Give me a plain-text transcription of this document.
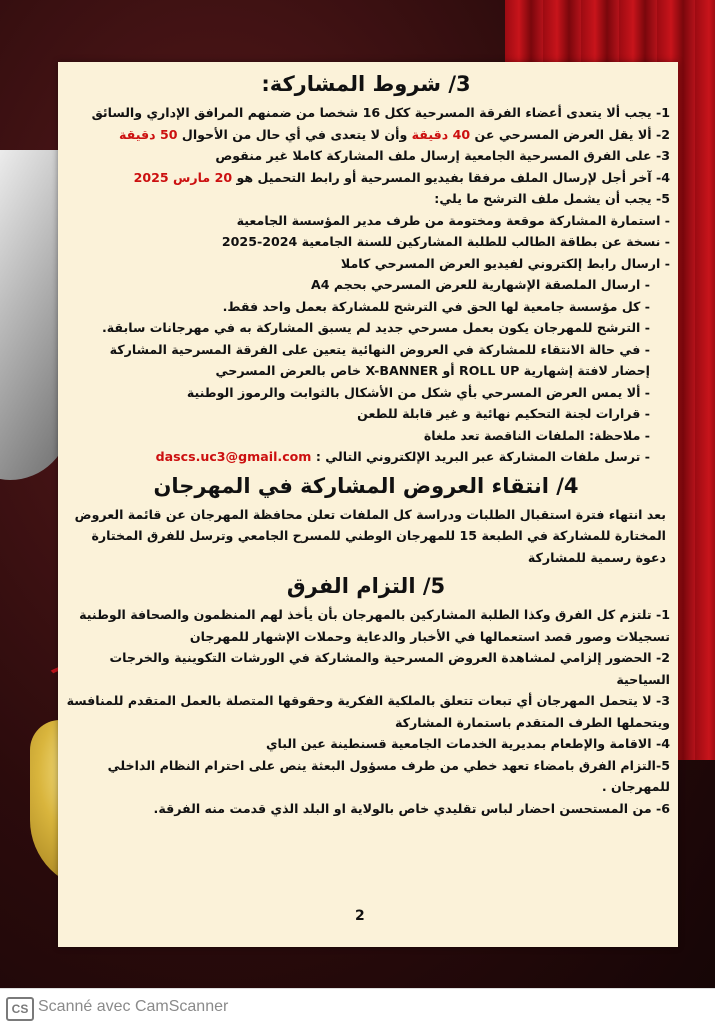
3/ شروط المشاركة:

1- يجب ألا يتعدى أعضاء الفرقة المسرحية ككل 16 شخصا من ضمنهم المرافق الإداري والسائق

2- ألا يقل العرض المسرحي عن 40 دقيقة وأن لا يتعدى في أي حال من الأحوال 50 دقيقة

3- على الفرق المسرحية الجامعية إرسال ملف المشاركة كاملا غير منقوص

4- آخر أجل لإرسال الملف مرفقا بفيديو المسرحية أو رابط التحميل هو 20 مارس 2025

5- يجب أن يشمل ملف الترشح ما يلي:

- استمارة المشاركة موقعة ومختومة من طرف مدير المؤسسة الجامعية

- نسخة عن بطاقة الطالب للطلبة المشاركين للسنة الجامعية 2024-2025

- ارسال رابط إلكتروني لفيديو العرض المسرحي كاملا

- ارسال الملصقة الإشهارية للعرض المسرحي بحجم A4

- كل مؤسسة جامعية لها الحق في الترشح للمشاركة بعمل واحد فقط.

- الترشح للمهرجان يكون بعمل مسرحي جديد لم يسبق المشاركة به في مهرجانات سابقة.

- في حالة الانتقاء للمشاركة في العروض النهائية يتعين على الفرقة المسرحية المشاركة

إحضار لافتة إشهارية ROLL UP أو X-BANNER خاص بالعرض المسرحي

- ألا يمس العرض المسرحي بأي شكل من الأشكال بالثوابت والرموز الوطنية

- قرارات لجنة التحكيم نهائية و غير قابلة للطعن

- ملاحظة: الملفات الناقصة تعد ملغاة

- ترسل ملفات المشاركة عبر البريد الإلكتروني التالي : dascs.uc3@gmail.com

4/ انتقاء العروض المشاركة في المهرجان

بعد انتهاء فترة استقبال الطلبات ودراسة كل الملفات تعلن محافظة المهرجان عن قائمة العروض المختارة للمشاركة في الطبعة 15 للمهرجان الوطني للمسرح الجامعي وترسل للفرق المختارة دعوة رسمية للمشاركة

5/ التزام الفرق

1- تلتزم كل الفرق وكذا الطلبة المشاركين بالمهرجان بأن يأخذ لهم المنظمون والصحافة الوطنية تسجيلات وصور قصد استعمالها في الأخبار والدعاية وحملات الإشهار للمهرجان

2- الحضور إلزامي لمشاهدة العروض المسرحية والمشاركة في الورشات التكوينية والخرجات السياحية

3- لا يتحمل المهرجان أي تبعات تتعلق بالملكية الفكرية وحقوقها المتصلة بالعمل المتقدم للمنافسة ويتحملها الطرف المتقدم باستمارة المشاركة

4- الاقامة والإطعام بمديرية الخدمات الجامعية قسنطينة عين الباي

5-التزام الفرق بامضاء تعهد خطي من طرف مسؤول البعثة ينص على احترام النظام الداخلي للمهرجان .

6- من المستحسن احضار لباس تقليدي خاص بالولاية او البلد الذي قدمت منه الفرقة.

2
CS Scanné avec CamScanner
